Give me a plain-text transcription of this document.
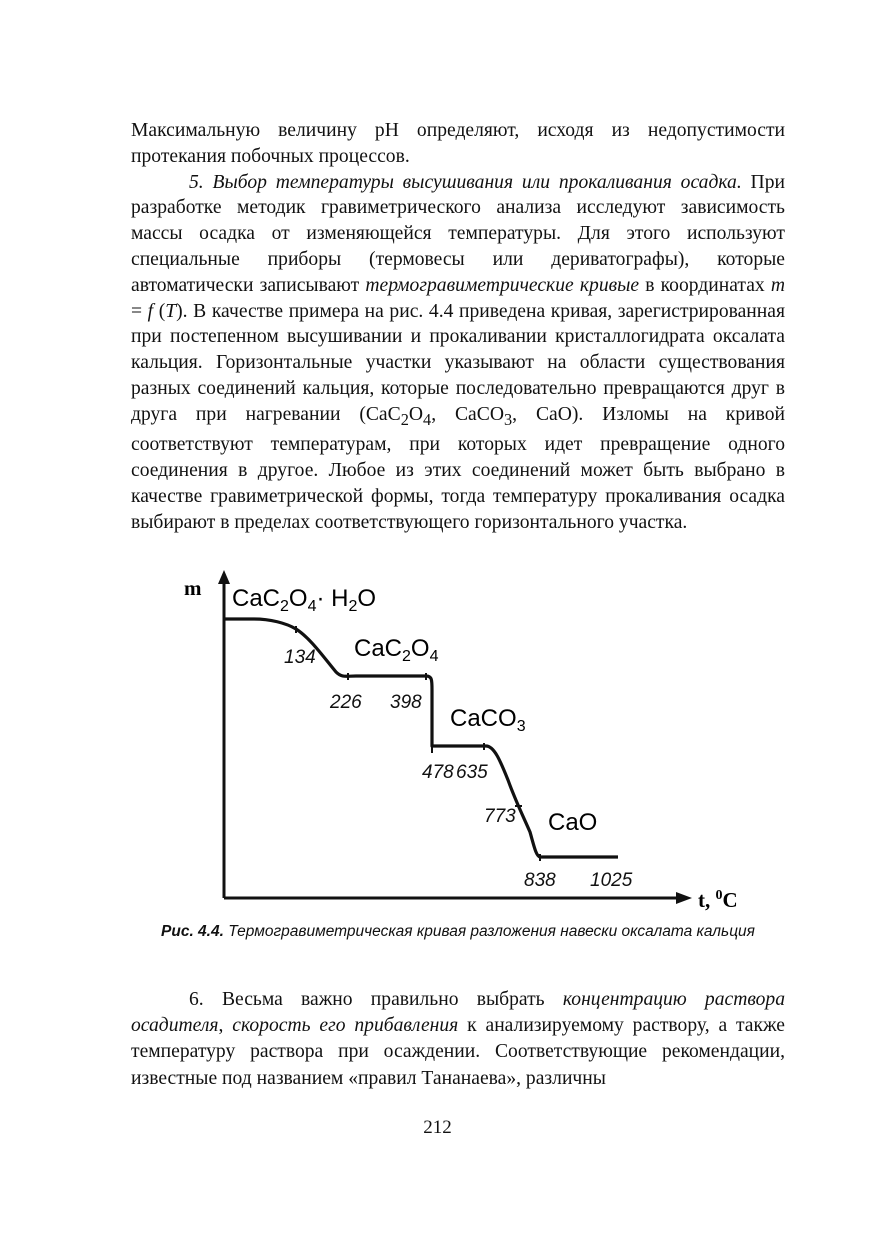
Максимальную величину pH определяют, исходя из недопустимости протекания побочных процессов.

5. Выбор температуры высушивания или прокаливания осадка. При разработке методик гравиметрического анализа исследуют зависимость массы осадка от изменяющейся температуры. Для этого используют специальные приборы (термовесы или дериватографы), которые автоматически записывают термогравиметрические кривые в координатах m = f (T). В качестве примера на рис. 4.4 приведена кривая, зарегистрированная при постепенном высушивании и прокаливании кристаллогидрата оксалата кальция. Горизонтальные участки указывают на области существования разных соединений кальция, которые последовательно превращаются друг в друга при нагревании ($CaC_2O_4$, CaCO$_3$, CaO). Изломы на кривой соответствуют температурам, при которых идет превращение одного соединения в другое. Любое из этих соединений может быть выбрано в качестве гравиметрической формы, тогда температуру прокаливания осадка выбирают в пределах соответствующего горизонтального участка.

m
t, $^0$C
$CaC_2O_4\cdot H_2O$
$CaC_2O_4$
CaCO$_3$
CaO
134
226 398
478 635
773
838 1025
Рис. 4.4. Термогравиметрическая кривая разложения навески оксалата кальция

6. Весьма важно правильно выбрать концентрацию раствора осадителя, скорость его прибавления к анализируемому раствору, а также температуру раствора при осаждении. Соответствующие рекомендации, известные под названием «правил Тананаева», различны

212
